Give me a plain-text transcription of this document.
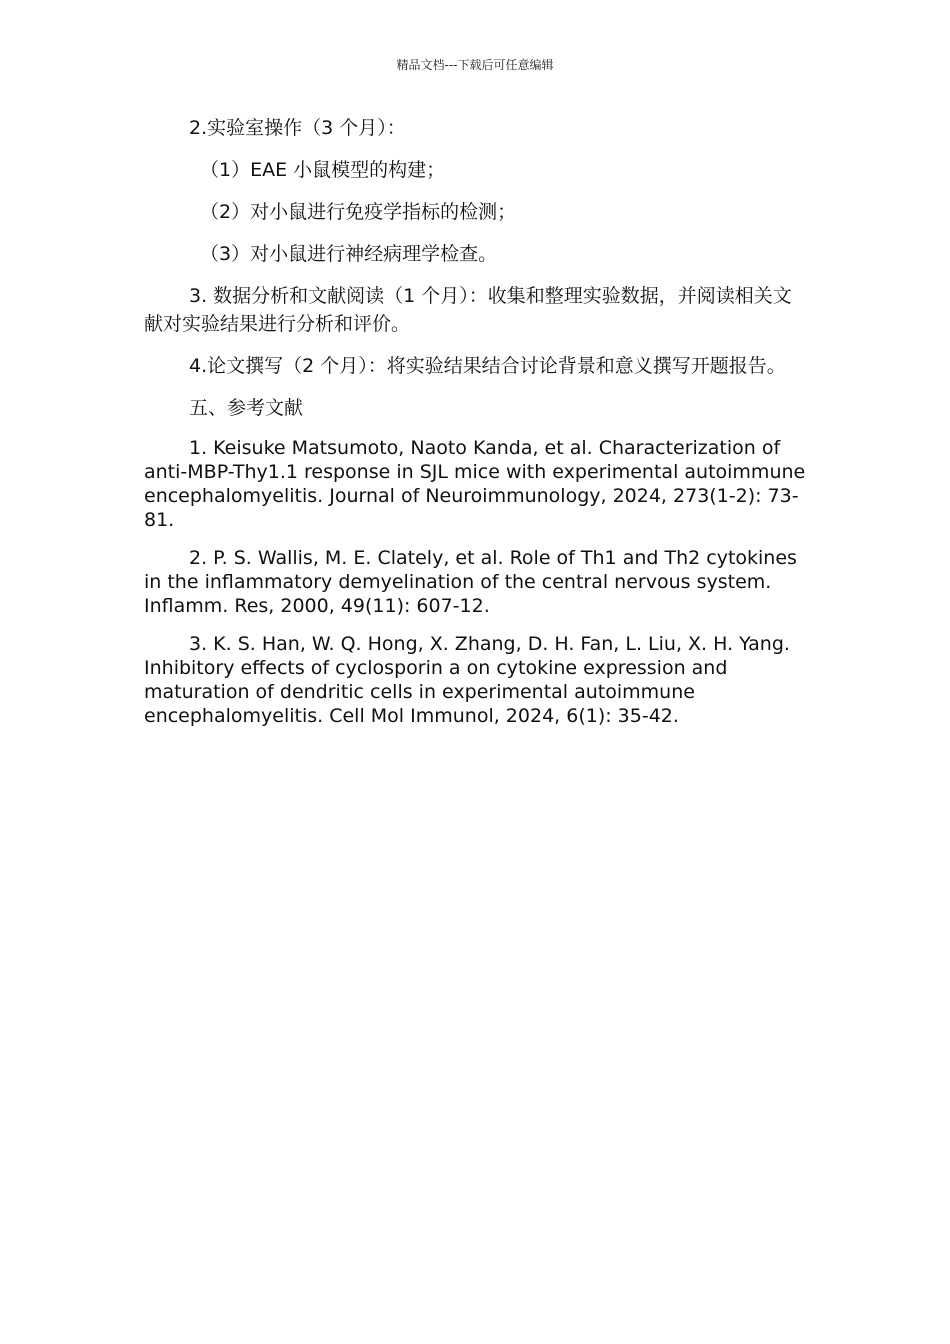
精品文档---下载后可任意编辑

2.实验室操作（3 个月）：

（1）EAE 小鼠模型的构建；

（2）对小鼠进行免疫学指标的检测；

（3）对小鼠进行神经病理学检查。

3. 数据分析和文献阅读（1 个月）：收集和整理实验数据，并阅读相关文献对实验结果进行分析和评价。

4.论文撰写（2 个月）：将实验结果结合讨论背景和意义撰写开题报告。

五、参考文献

1. Keisuke Matsumoto, Naoto Kanda, et al. Characterization of anti-MBP-Thy1.1 response in SJL mice with experimental autoimmune encephalomyelitis. Journal of Neuroimmunology, 2024, 273(1-2): 73-81.

2. P. S. Wallis, M. E. Clately, et al. Role of Th1 and Th2 cytokines in the inflammatory demyelination of the central nervous system. Inflamm. Res, 2000, 49(11): 607-12.

3. K. S. Han, W. Q. Hong, X. Zhang, D. H. Fan, L. Liu, X. H. Yang. Inhibitory effects of cyclosporin a on cytokine expression and maturation of dendritic cells in experimental autoimmune encephalomyelitis. Cell Mol Immunol, 2024, 6(1): 35-42.
